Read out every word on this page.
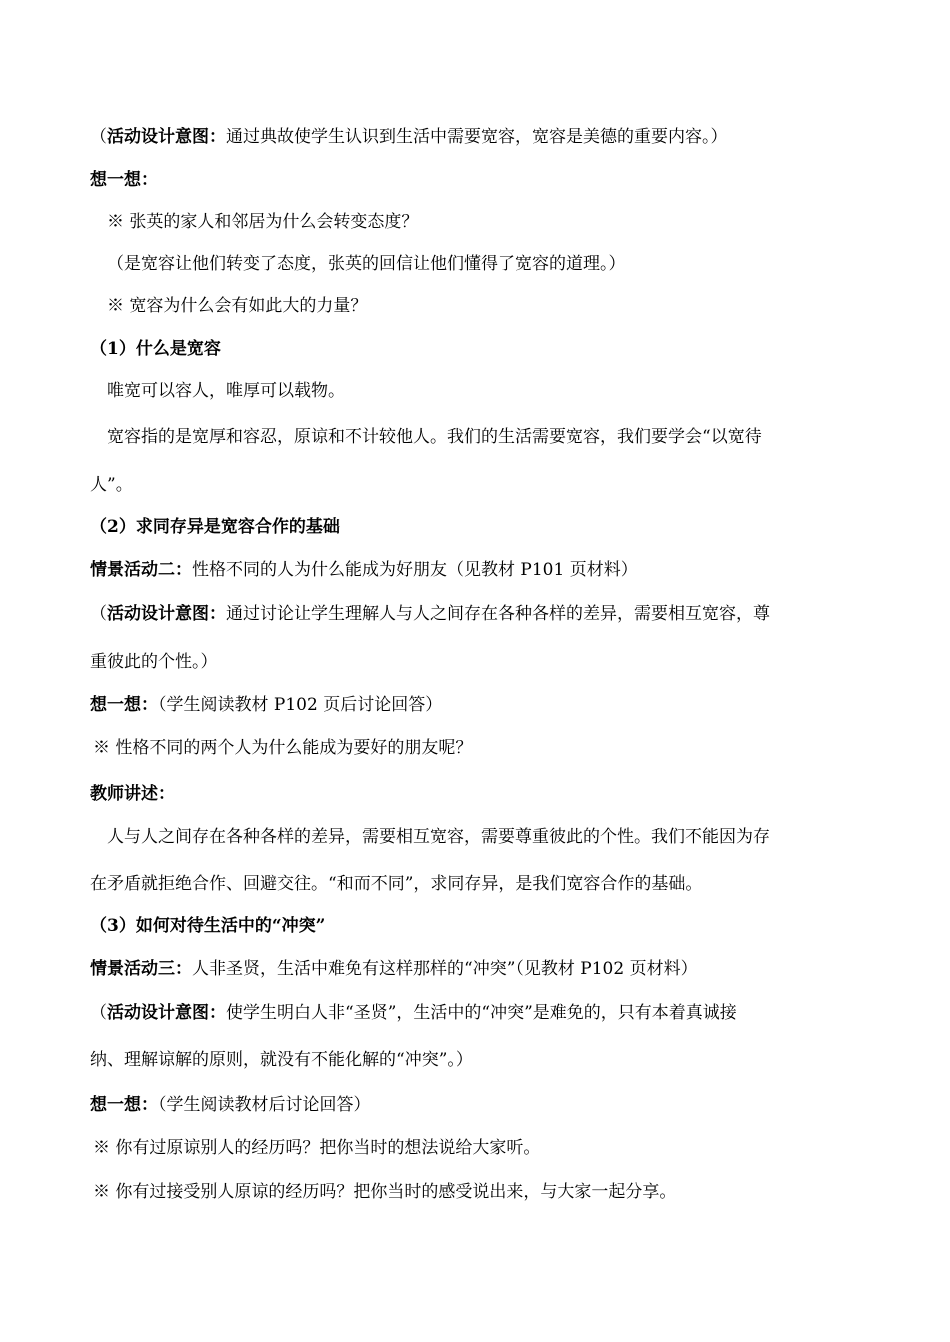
（活动设计意图：通过典故使学生认识到生活中需要宽容，宽容是美德的重要内容。）
想一想：
※ 张英的家人和邻居为什么会转变态度？
（是宽容让他们转变了态度，张英的回信让他们懂得了宽容的道理。）
※ 宽容为什么会有如此大的力量？
（1）什么是宽容
唯宽可以容人，唯厚可以载物。
宽容指的是宽厚和容忍，原谅和不计较他人。我们的生活需要宽容，我们要学会“以宽待
人”。
（2）求同存异是宽容合作的基础
情景活动二：性格不同的人为什么能成为好朋友（见教材 P101 页材料）
（活动设计意图：通过讨论让学生理解人与人之间存在各种各样的差异，需要相互宽容，尊
重彼此的个性。）
想一想：（学生阅读教材 P102 页后讨论回答）
※ 性格不同的两个人为什么能成为要好的朋友呢？
教师讲述：
人与人之间存在各种各样的差异，需要相互宽容，需要尊重彼此的个性。我们不能因为存
在矛盾就拒绝合作、回避交往。“和而不同”，求同存异，是我们宽容合作的基础。
（3）如何对待生活中的“冲突”
情景活动三：人非圣贤，生活中难免有这样那样的“冲突”（见教材 P102 页材料）
（活动设计意图：使学生明白人非“圣贤”，生活中的“冲突”是难免的，只有本着真诚接
纳、理解谅解的原则，就没有不能化解的“冲突”。）
想一想：（学生阅读教材后讨论回答）
※ 你有过原谅别人的经历吗？把你当时的想法说给大家听。
※ 你有过接受别人原谅的经历吗？把你当时的感受说出来，与大家一起分享。
